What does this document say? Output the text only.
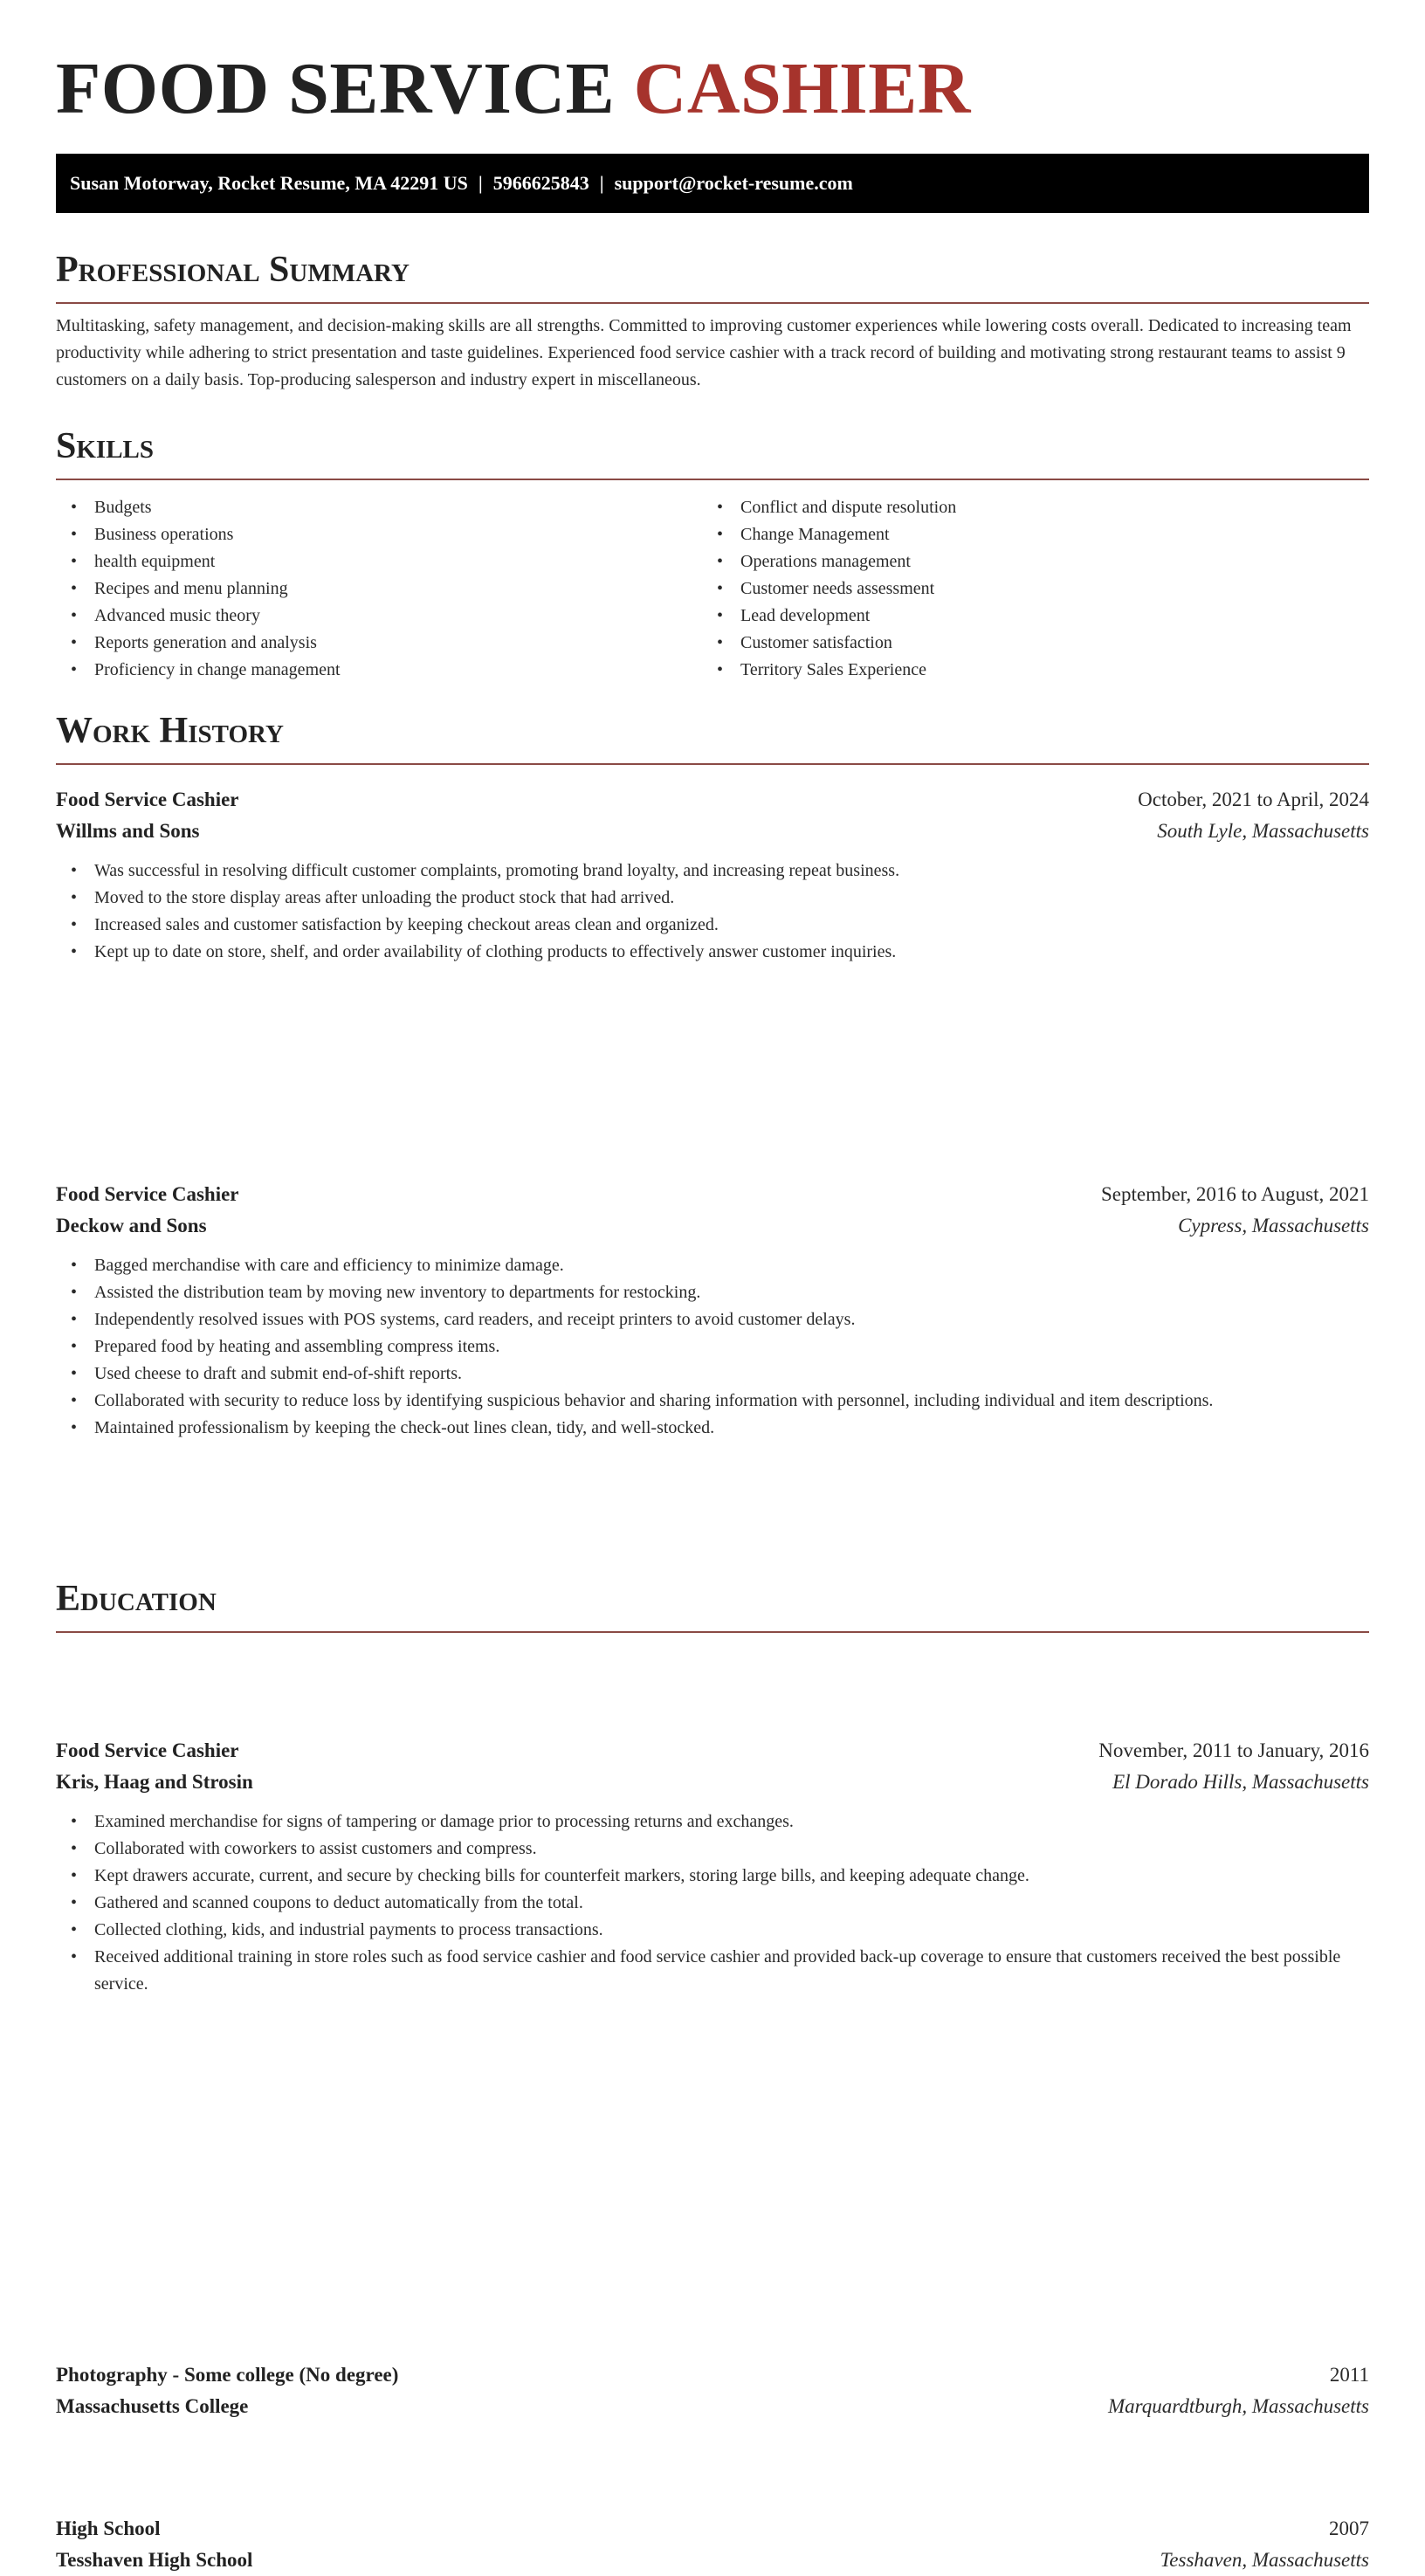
FOOD SERVICE CASHIER
Susan Motorway, Rocket Resume, MA 42291 US | 5966625843 | support@rocket-resume.com
Professional Summary

Multitasking, safety management, and decision-making skills are all strengths. Committed to improving customer experiences while lowering costs overall. Dedicated to increasing team productivity while adhering to strict presentation and taste guidelines. Experienced food service cashier with a track record of building and motivating strong restaurant teams to assist 9 customers on a daily basis. Top-producing salesperson and industry expert in miscellaneous.

Skills
• Budgets
• Business operations
• health equipment
• Recipes and menu planning
• Advanced music theory
• Reports generation and analysis
• Proficiency in change management
• Conflict and dispute resolution
• Change Management
• Operations management
• Customer needs assessment
• Lead development
• Customer satisfaction
• Territory Sales Experience
Work History
Food Service Cashier	October, 2021 to April, 2024
Willms and Sons	South Lyle, Massachusetts
• Was successful in resolving difficult customer complaints, promoting brand loyalty, and increasing repeat business.
• Moved to the store display areas after unloading the product stock that had arrived.
• Increased sales and customer satisfaction by keeping checkout areas clean and organized.
• Kept up to date on store, shelf, and order availability of clothing products to effectively answer customer inquiries.
Food Service Cashier	September, 2016 to August, 2021
Deckow and Sons	Cypress, Massachusetts
• Bagged merchandise with care and efficiency to minimize damage.
• Assisted the distribution team by moving new inventory to departments for restocking.
• Independently resolved issues with POS systems, card readers, and receipt printers to avoid customer delays.
• Prepared food by heating and assembling compress items.
• Used cheese to draft and submit end-of-shift reports.
• Collaborated with security to reduce loss by identifying suspicious behavior and sharing information with personnel, including individual and item descriptions.
• Maintained professionalism by keeping the check-out lines clean, tidy, and well-stocked.
Food Service Cashier	November, 2011 to January, 2016
Kris, Haag and Strosin	El Dorado Hills, Massachusetts
• Examined merchandise for signs of tampering or damage prior to processing returns and exchanges.
• Collaborated with coworkers to assist customers and compress.
• Kept drawers accurate, current, and secure by checking bills for counterfeit markers, storing large bills, and keeping adequate change.
• Gathered and scanned coupons to deduct automatically from the total.
• Collected clothing, kids, and industrial payments to process transactions.
• Received additional training in store roles such as food service cashier and food service cashier and provided back-up coverage to ensure that customers received the best possible service.
Education
Photography - Some college (No degree)	2011
Massachusetts College	Marquardtburgh, Massachusetts
High School	2007
Tesshaven High School	Tesshaven, Massachusetts
